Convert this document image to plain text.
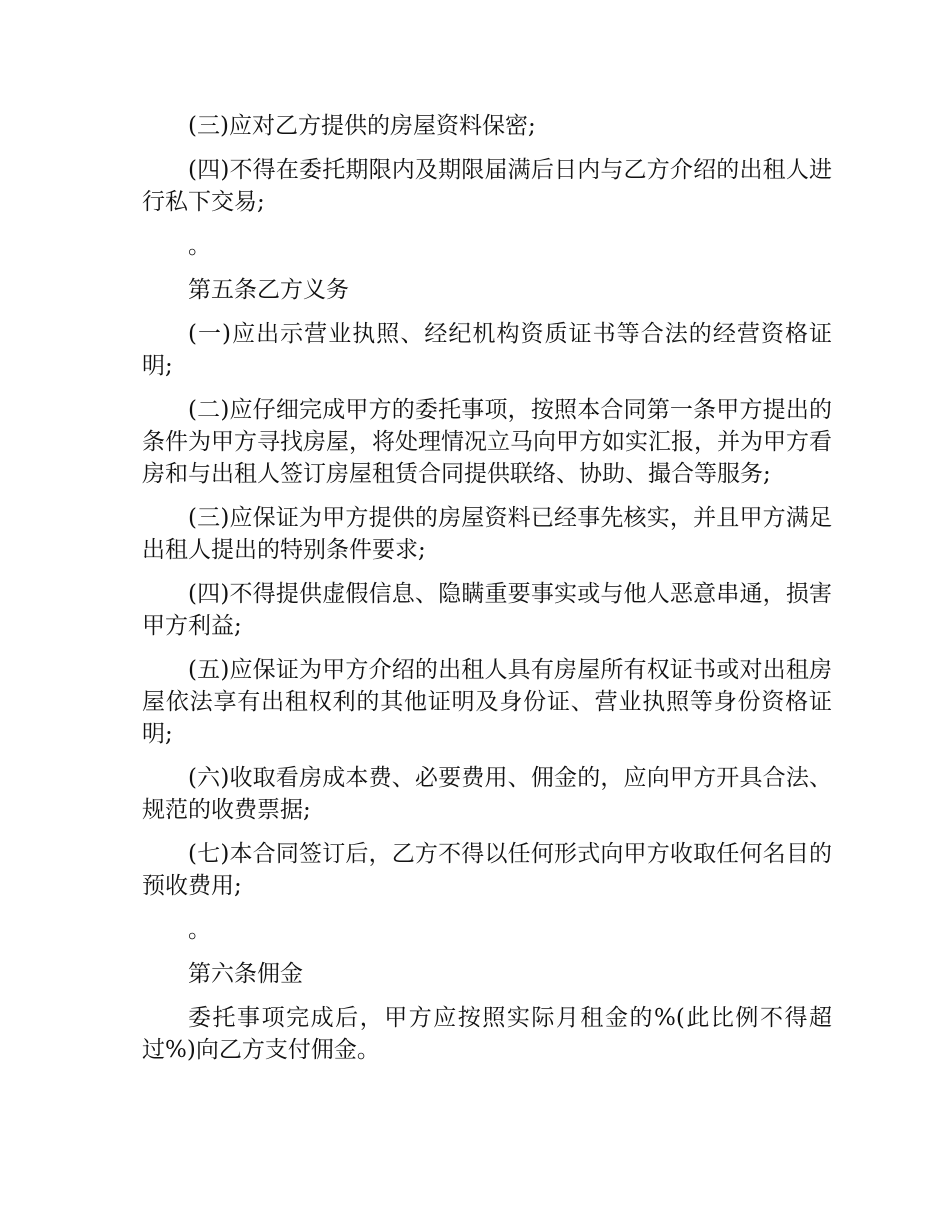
(三)应对乙方提供的房屋资料保密;

(四)不得在委托期限内及期限届满后日内与乙方介绍的出租人进行私下交易;

。

第五条乙方义务

(一)应出示营业执照、经纪机构资质证书等合法的经营资格证明;

(二)应仔细完成甲方的委托事项，按照本合同第一条甲方提出的条件为甲方寻找房屋，将处理情况立马向甲方如实汇报，并为甲方看房和与出租人签订房屋租赁合同提供联络、协助、撮合等服务;

(三)应保证为甲方提供的房屋资料已经事先核实，并且甲方满足出租人提出的特别条件要求;

(四)不得提供虚假信息、隐瞒重要事实或与他人恶意串通，损害甲方利益;

(五)应保证为甲方介绍的出租人具有房屋所有权证书或对出租房屋依法享有出租权利的其他证明及身份证、营业执照等身份资格证明;

(六)收取看房成本费、必要费用、佣金的，应向甲方开具合法、规范的收费票据;

(七)本合同签订后，乙方不得以任何形式向甲方收取任何名目的预收费用;

。

第六条佣金

委托事项完成后，甲方应按照实际月租金的%(此比例不得超过%)向乙方支付佣金。
